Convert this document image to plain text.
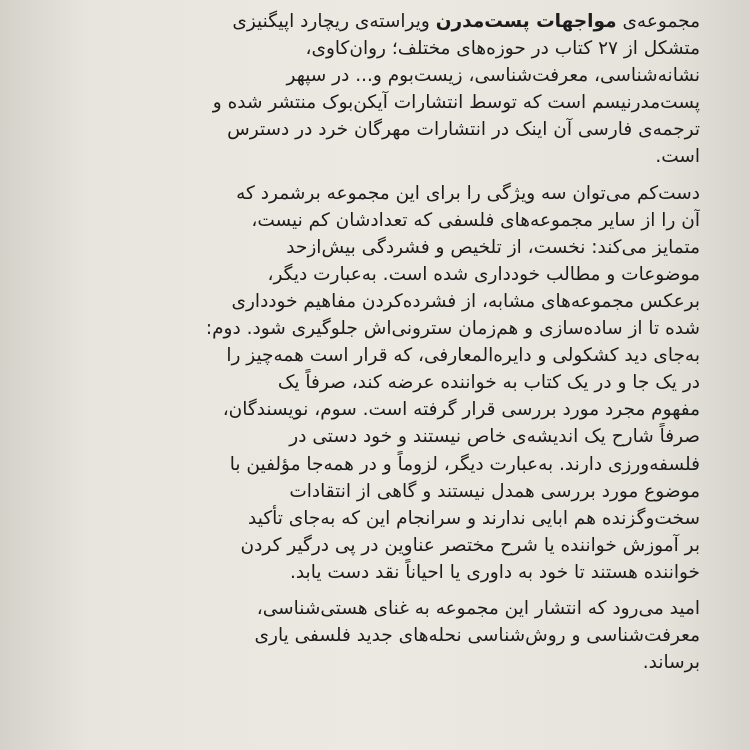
مجموعه‌ی مواجهات پست‌مدرن ویراسته‌ی ریچارد اپیگنیزی
متشکل از ۲۷ کتاب در حوزه‌های مختلف؛ روان‌کاوی،
نشانه‌شناسی، معرفت‌شناسی، زیست‌بوم و... در سپهر
پست‌مدرنیسم است که توسط انتشارات آیکن‌بوک منتشر شده و
ترجمه‌ی فارسی آن اینک در انتشارات مهرگان خرد در دسترس
است.

دست‌کم می‌توان سه ویژگی را برای این مجموعه برشمرد که
آن را از سایر مجموعه‌های فلسفی که تعدادشان کم نیست،
متمایز می‌کند: نخست، از تلخیص و فشردگی بیش‌ازحد
موضوعات و مطالب خودداری شده است. به‌عبارت دیگر،
برعکس مجموعه‌های مشابه، از فشرده‌کردن مفاهیم خودداری
شده تا از ساده‌سازی و هم‌زمان سترونی‌اش جلوگیری شود. دوم:
به‌جای دید کشکولی و دایره‌المعارفی، که قرار است همه‌چیز را
در یک جا و در یک کتاب به خواننده عرضه کند، صرفاً یک
مفهوم مجرد مورد بررسی قرار گرفته است. سوم، نویسندگان،
صرفاً شارح یک اندیشه‌ی خاص نیستند و خود دستی در
فلسفه‌ورزی دارند. به‌عبارت دیگر، لزوماً و در همه‌جا مؤلفین با
موضوع مورد بررسی همدل نیستند و گاهی از انتقادات
سخت‌وگزنده هم ابایی ندارند و سرانجام این که به‌جای تأکید
بر آموزش خواننده یا شرح مختصر عناوین در پی درگیر کردن
خواننده هستند تا خود به داوری یا احیاناً نقد دست یابد.

امید می‌رود که انتشار این مجموعه به غنای هستی‌شناسی،
معرفت‌شناسی و روش‌شناسی نحله‌های جدید فلسفی یاری
برساند.
